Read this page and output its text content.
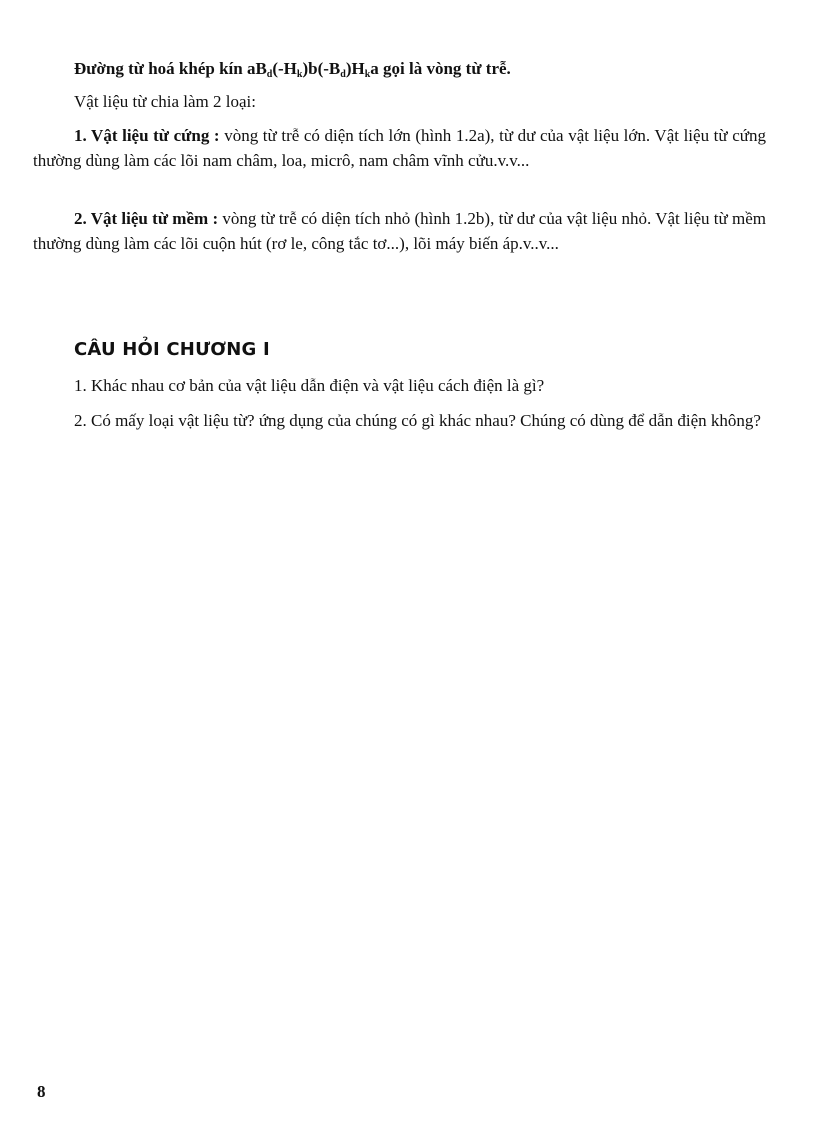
Đường từ hoá khép kín $aB_d(-H_k)b(-B_d)H_ka$ gọi là vòng từ trễ.

Vật liệu từ chia làm 2 loại:

1. Vật liệu từ cứng : vòng từ trễ có diện tích lớn (hình 1.2a), từ dư của vật liệu lớn. Vật liệu từ cứng thường dùng làm các lõi nam châm, loa, micrô, nam châm vĩnh cửu.v.v...

2. Vật liệu từ mềm : vòng từ trễ có diện tích nhỏ (hình 1.2b), từ dư của vật liệu nhỏ. Vật liệu từ mềm thường dùng làm các lõi cuộn hút (rơ le, công tắc tơ...), lõi máy biến áp.v..v...

CÂU HỎI CHƯƠNG I

1. Khác nhau cơ bản của vật liệu dẫn điện và vật liệu cách điện là gì?

2. Có mấy loại vật liệu từ? ứng dụng của chúng có gì khác nhau? Chúng có dùng để dẫn điện không?

8
